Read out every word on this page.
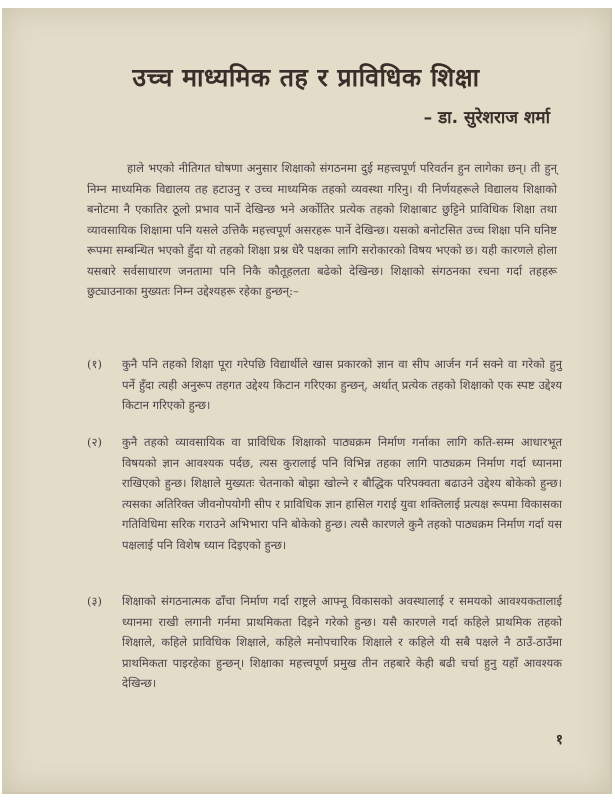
उच्च माध्यमिक तह र प्राविधिक शिक्षा
– डा. सुरेशराज शर्मा
हाले भएको नीतिगत घोषणा अनुसार शिक्षाको संगठनमा दुई महत्त्वपूर्ण परिवर्तन हुन लागेका छन्। ती हुन् निम्न माध्यमिक विद्यालय तह हटाउनु र उच्च माध्यमिक तहको व्यवस्था गरिनु। यी निर्णयहरूले विद्यालय शिक्षाको बनोटमा नै एकातिर ठूलो प्रभाव पार्ने देखिन्छ भने अर्कोतिर प्रत्येक तहको शिक्षाबाट छुट्टिने प्राविधिक शिक्षा तथा व्यावसायिक शिक्षामा पनि यसले उत्तिकै महत्त्वपूर्ण असरहरू पार्ने देखिन्छ। यसको बनोटसित उच्च शिक्षा पनि घनिष्ट रूपमा सम्बन्धित भएको हुँदा यो तहको शिक्षा प्रश्न धेरै पक्षका लागि सरोकारको विषय भएको छ। यही कारणले होला यसबारे सर्वसाधारण जनतामा पनि निकै कौतूहलता बढेको देखिन्छ। शिक्षाको संगठनका रचना गर्दा तहहरू छुट्याउनाका मुख्यतः निम्न उद्देश्यहरू रहेका हुन्छन्:–
(१)	कुनै पनि तहको शिक्षा पूरा गरेपछि विद्यार्थीले खास प्रकारको ज्ञान वा सीप आर्जन गर्न सक्ने वा गरेको हुनु पर्ने हुँदा त्यही अनुरूप तहगत उद्देश्य किटान गरिएका हुन्छन्, अर्थात् प्रत्येक तहको शिक्षाको एक स्पष्ट उद्देश्य किटान गरिएको हुन्छ।
(२)	कुनै तहको व्यावसायिक वा प्राविधिक शिक्षाको पाठ्यक्रम निर्माण गर्नाका लागि कति-सम्म आधारभूत विषयको ज्ञान आवश्यक पर्दछ, त्यस कुरालाई पनि विभिन्न तहका लागि पाठ्यक्रम निर्माण गर्दा ध्यानमा राखिएको हुन्छ। शिक्षाले मुख्यतः चेतनाको बोझा खोल्ने र बौद्धिक परिपक्वता बढाउने उद्देश्य बोकेको हुन्छ। त्यसका अतिरिक्त जीवनोपयोगी सीप र प्राविधिक ज्ञान हासिल गराई युवा शक्तिलाई प्रत्यक्ष रूपमा विकासका गतिविधिमा सरिक गराउने अभिभारा पनि बोकेको हुन्छ। त्यसै कारणले कुनै तहको पाठ्यक्रम निर्माण गर्दा यस पक्षलाई पनि विशेष ध्यान दिइएको हुन्छ।
(३)	शिक्षाको संगठनात्मक ढाँचा निर्माण गर्दा राष्ट्रले आफ्नू विकासको अवस्थालाई र समयको आवश्यकतालाई ध्यानमा राखी लगानी गर्नमा प्राथमिकता दिइने गरेको हुन्छ। यसै कारणले गर्दा कहिले प्राथमिक तहको शिक्षाले, कहिले प्राविधिक शिक्षाले, कहिले मनोपचारिक शिक्षाले र कहिले यी सबै पक्षले नै ठाउँ-ठाउँमा प्राथमिकता पाइरहेका हुन्छन्। शिक्षाका महत्त्वपूर्ण प्रमुख तीन तहबारे केही बढी चर्चा हुनु यहाँ आवश्यक देखिन्छ।
१
